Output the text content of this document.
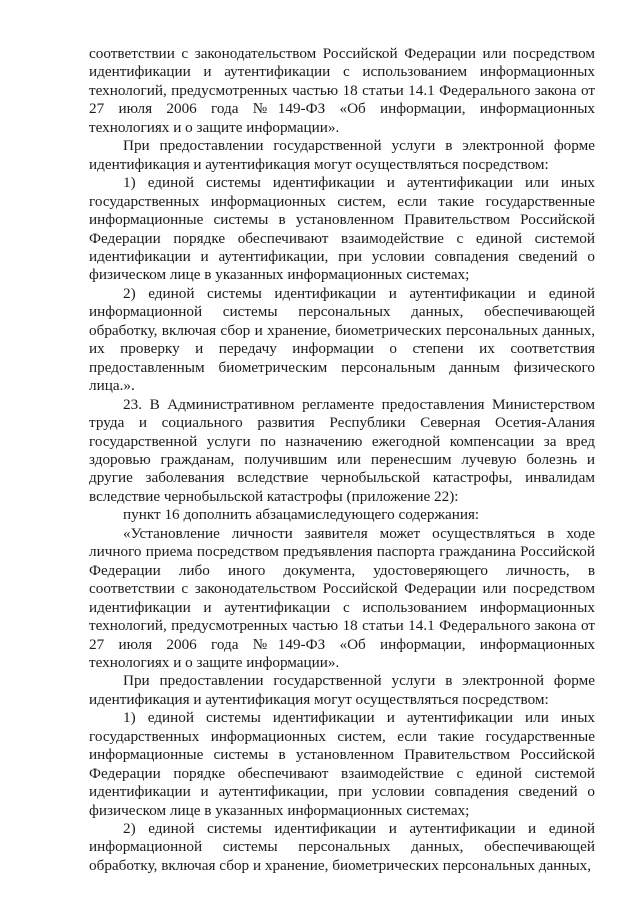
соответствии с законодательством Российской Федерации или посредством идентификации и аутентификации с использованием информационных технологий, предусмотренных частью 18 статьи 14.1 Федерального закона от 27 июля 2006 года №149-ФЗ «Об информации, информационных технологиях и о защите информации».

При предоставлении государственной услуги в электронной форме идентификация и аутентификация могут осуществляться посредством:

1) единой системы идентификации и аутентификации или иных государственных информационных систем, если такие государственные информационные системы в установленном Правительством Российской Федерации порядке обеспечивают взаимодействие с единой системой идентификации и аутентификации, при условии совпадения сведений о физическом лице в указанных информационных системах;

2) единой системы идентификации и аутентификации и единой информационной системы персональных данных, обеспечивающей обработку, включая сбор и хранение, биометрических персональных данных, их проверку и передачу информации о степени их соответствия предоставленным биометрическим персональным данным физического лица.».

23. В Административном регламенте предоставления Министерством труда и социального развития Республики Северная Осетия-Алания государственной услуги по назначению ежегодной компенсации за вред здоровью гражданам, получившим или перенесшим лучевую болезнь и другие заболевания вследствие чернобыльской катастрофы, инвалидам вследствие чернобыльской катастрофы (приложение 22):

пункт 16 дополнить абзацамиследующего содержания:

«Установление личности заявителя может осуществляться в ходе личного приема посредством предъявления паспорта гражданина Российской Федерации либо иного документа, удостоверяющего личность, в соответствии с законодательством Российской Федерации или посредством идентификации и аутентификации с использованием информационных технологий, предусмотренных частью 18 статьи 14.1 Федерального закона от 27 июля 2006 года №149-ФЗ «Об информации, информационных технологиях и о защите информации».

При предоставлении государственной услуги в электронной форме идентификация и аутентификация могут осуществляться посредством:

1) единой системы идентификации и аутентификации или иных государственных информационных систем, если такие государственные информационные системы в установленном Правительством Российской Федерации порядке обеспечивают взаимодействие с единой системой идентификации и аутентификации, при условии совпадения сведений о физическом лице в указанных информационных системах;

2) единой системы идентификации и аутентификации и единой информационной системы персональных данных, обеспечивающей обработку, включая сбор и хранение, биометрических персональных данных,
